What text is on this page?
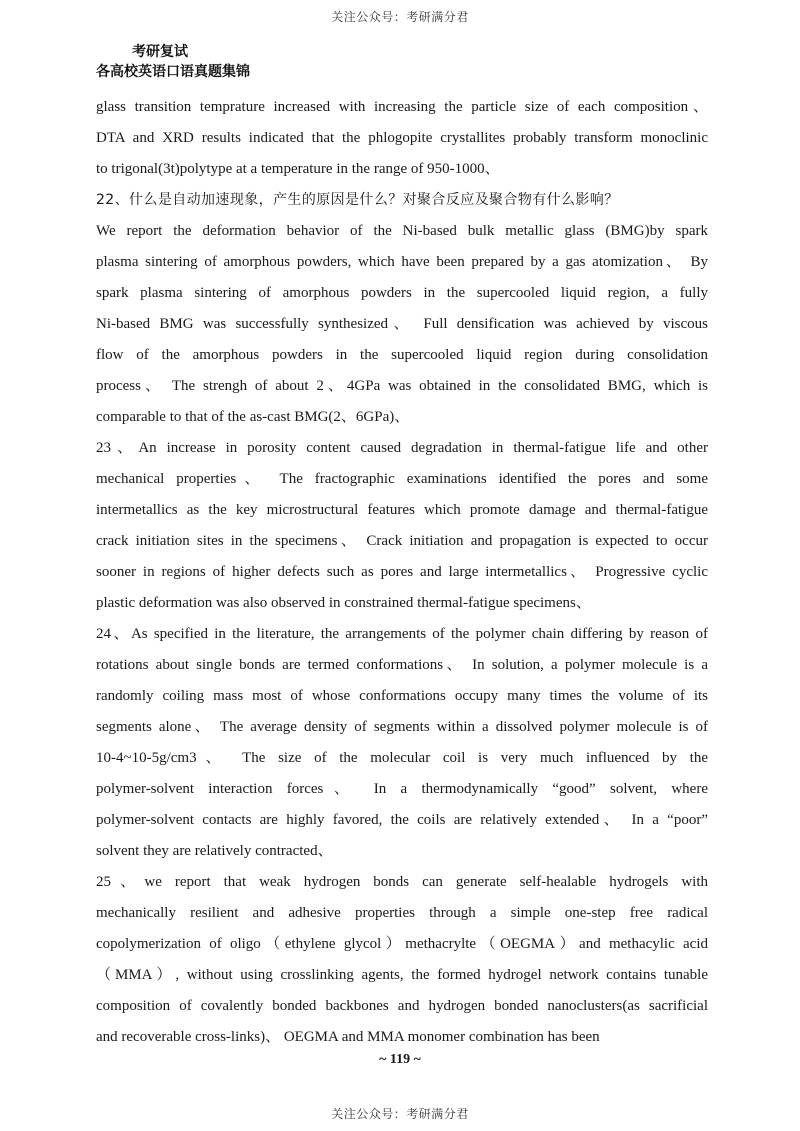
关注公众号：考研满分君
考研复试
各高校英语口语真题集锦
glass transition temprature increased with increasing the particle size of each composition、
DTA and XRD results indicated that the phlogopite crystallites probably transform monoclinic
to trigonal(3t)polytype at a temperature in the range of 950-1000、
22、什么是自动加速现象，产生的原因是什么？对聚合反应及聚合物有什么影响？
We report the deformation behavior of the Ni-based bulk metallic glass (BMG)by spark
plasma sintering of amorphous powders, which have been prepared by a gas atomization、 By
spark plasma sintering of amorphous powders in the supercooled liquid region, a fully
Ni-based BMG was successfully synthesized、 Full densification was achieved by viscous
flow of the amorphous powders in the supercooled liquid region during consolidation
process、 The strengh of about 2、4GPa was obtained in the consolidated BMG, which is
comparable to that of the as-cast BMG(2、6GPa)、
23、An increase in porosity content caused degradation in thermal-fatigue life and other
mechanical properties、 The fractographic examinations identified the pores and some
intermetallics as the key microstructural features which promote damage and thermal-fatigue
crack initiation sites in the specimens、 Crack initiation and propagation is expected to occur
sooner in regions of higher defects such as pores and large intermetallics、 Progressive cyclic
plastic deformation was also observed in constrained thermal-fatigue specimens、
24、As specified in the literature, the arrangements of the polymer chain differing by reason of
rotations about single bonds are termed conformations、 In solution, a polymer molecule is a
randomly coiling mass most of whose conformations occupy many times the volume of its
segments alone、 The average density of segments within a dissolved polymer molecule is of
10-4~10-5g/cm3、 The size of the molecular coil is very much influenced by the
polymer-solvent interaction forces、 In a thermodynamically “good” solvent, where
polymer-solvent contacts are highly favored, the coils are relatively extended、 In a “poor”
solvent they are relatively contracted、
25、we report that weak hydrogen bonds can generate self-healable hydrogels with
mechanically resilient and adhesive properties through a simple one-step free radical
copolymerization of oligo（ethylene glycol）methacrylte（OEGMA）and methacylic acid
（MMA）, without using crosslinking agents, the formed hydrogel network contains tunable
composition of covalently bonded backbones and hydrogen bonded nanoclusters(as sacrificial
and recoverable cross-links)、 OEGMA and MMA monomer combination has been
~ 119 ~
关注公众号：考研满分君
